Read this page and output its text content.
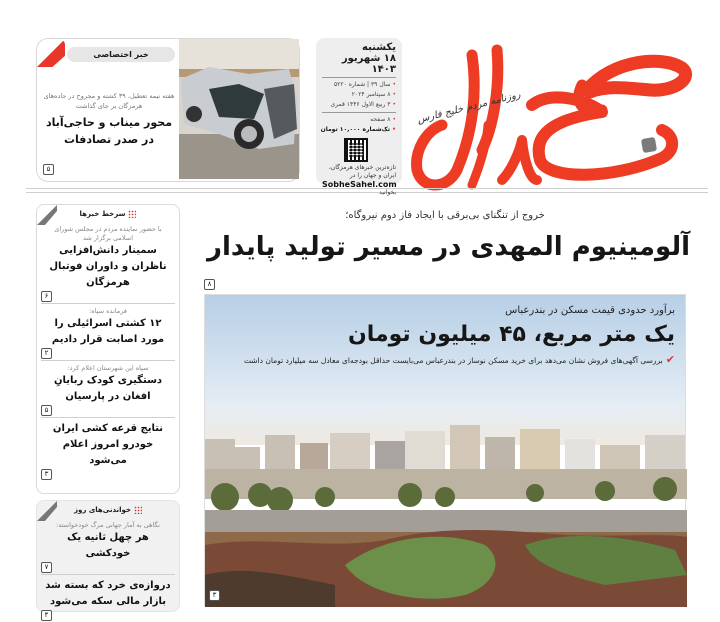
روزنامه مردم خلیج فارس
یکشنبه
۱۸ شهریور ۱۴۰۳
• سال ۳۹ | شماره ۵۲۲۰
• ۸ سپتامبر ۲۰۲۴
• ۳ ربیع الاول ۱۴۴۶ قمری
• ۸ صفحه
• تک‌شماره ۱۰,۰۰۰ تومان
تازه‌ترین خبرهای هرمزگان، ایران و جهان را در
SobheSahel.com
بخوانید
خبر اختصاصی
هفته نیمه تعطیل، ۳۹ کشته و مجروح در جاده‌های هرمزگان بر جای گذاشت
محور میناب و حاجی‌آباد در صدر تصادفات
۵
سرخط خبرها
با حضور نماینده مردم در مجلس شورای اسلامی برگزار شد
سمینار دانش‌افزایی ناظران و داوران فوتبال هرمزگان
۶
فرمانده سپاه:
۱۲ کشتی اسرائیلی را مورد اصابت قرار دادیم
۲
سپاه این شهرستان اعلام کرد:
دستگیری کودک ربایانِ افغان در پارسیان
۵
نتایج قرعه کشی ایران خودرو امروز اعلام می‌شود
۳
خواندنی‌های روز
نگاهی به آمار جهانی مرگ خودخواسته:
هر چهل ثانیه یک خودکشی
۷
دروازه‌ی خرد که بسته شد بازار مالی سکه می‌شود
۴
خروج از تنگنای بی‌برقی با ایجاد فاز دوم نیروگاه؛
آلومینیوم المهدی در مسیر تولید پایدار
۸
برآورد حدودی قیمت مسکن در بندرعباس
یک متر مربع، ۴۵ میلیون تومان
✔بررسی آگهی‌های فروش نشان می‌دهد برای خرید مسکن نوساز در بندرعباس می‌بایست حداقل بودجه‌ای معادل سه میلیارد تومان داشت
۳
